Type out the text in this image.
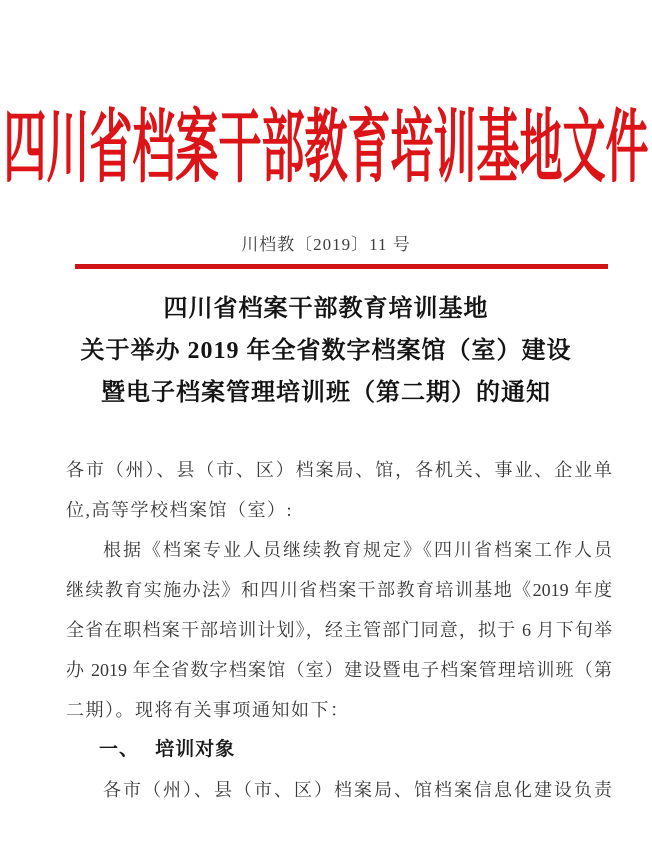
四川省档案干部教育培训基地文件
川档教〔2019〕11 号
四川省档案干部教育培训基地
关于举办 2019 年全省数字档案馆（室）建设
暨电子档案管理培训班（第二期）的通知
各市（州）、县（市、区）档案局、馆，各机关、事业、企业单
位,高等学校档案馆（室）:
根据《档案专业人员继续教育规定》《四川省档案工作人员
继续教育实施办法》和四川省档案干部教育培训基地《2019 年度
全省在职档案干部培训计划》，经主管部门同意，拟于 6 月下旬举
办 2019 年全省数字档案馆（室）建设暨电子档案管理培训班（第
二期）。现将有关事项通知如下：
一、 培训对象
各市（州）、县（市、区）档案局、馆档案信息化建设负责
